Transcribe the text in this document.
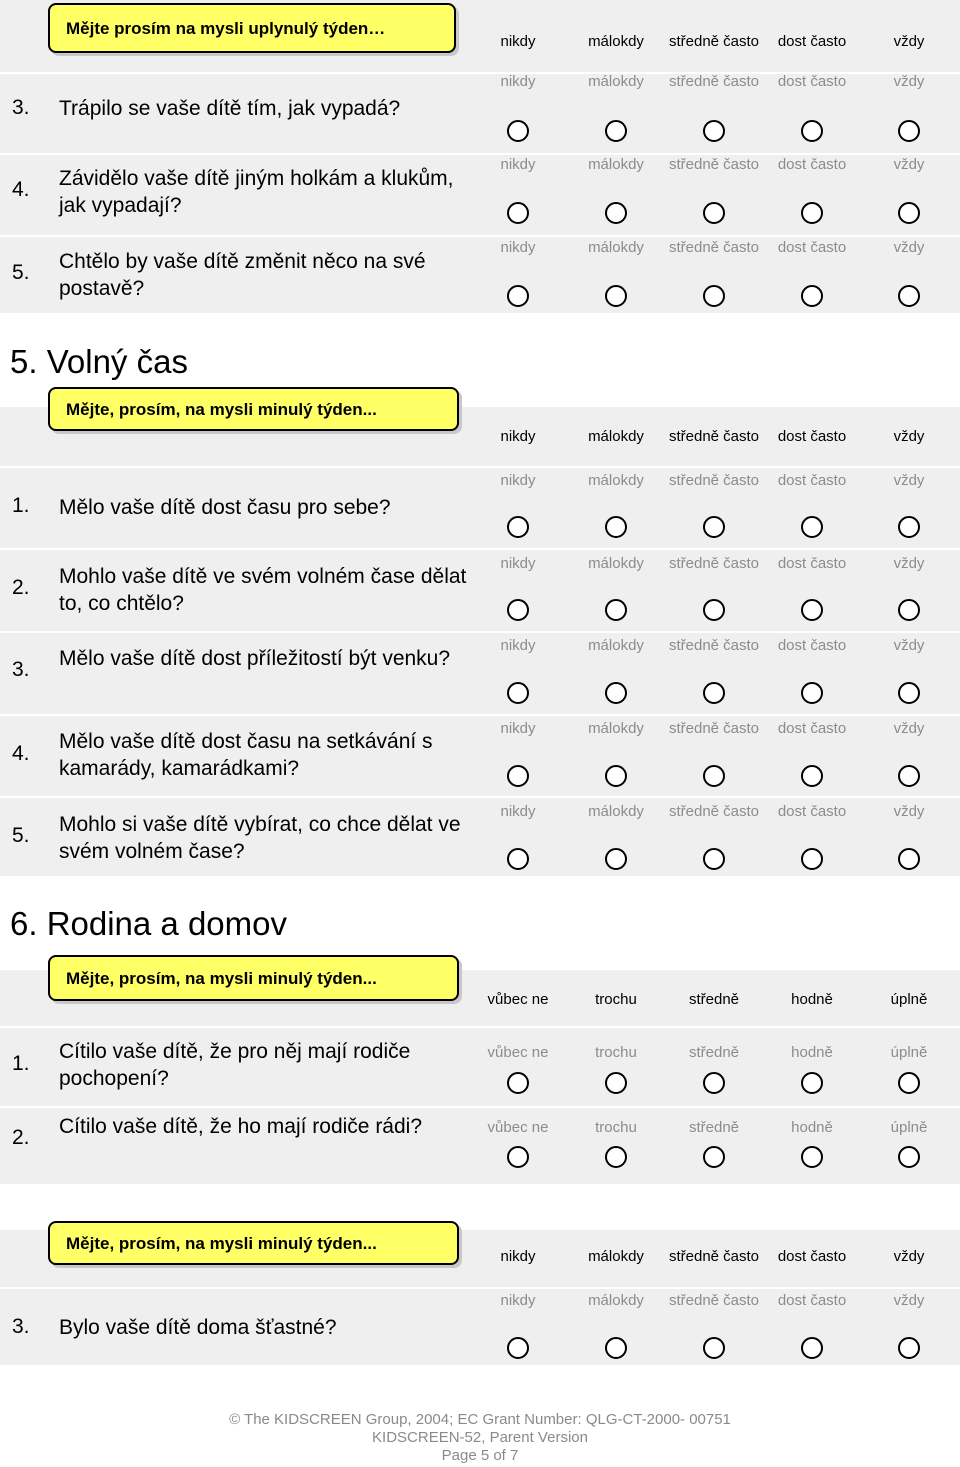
Mějte prosím na mysli uplynulý týden…
nikdy	málokdy	středně často	dost často	vždy
3. Trápilo se vaše dítě tím, jak vypadá?
nikdy	málokdy	středně často	dost často	vždy
4. Závidělo vaše dítě jiným holkám a klukům, jak vypadají?
nikdy	málokdy	středně často	dost často	vždy
5. Chtělo by vaše dítě změnit něco na své postavě?
nikdy	málokdy	středně často	dost často	vždy
5. Volný čas
Mějte, prosím, na mysli minulý týden...
nikdy	málokdy	středně často	dost často	vždy
1. Mělo vaše dítě dost času pro sebe?
nikdy	málokdy	středně často	dost často	vždy
2. Mohlo vaše dítě ve svém volném čase dělat to, co chtělo?
nikdy	málokdy	středně často	dost často	vždy
3. Mělo vaše dítě dost příležitostí být venku?
nikdy	málokdy	středně často	dost často	vždy
4.
Mělo vaše dítě dost času na setkávání s kamarády, kamarádkami?
nikdy	málokdy	středně často	dost často	vždy
5. Mohlo si vaše dítě vybírat, co chce dělat ve svém volném čase?
nikdy	málokdy	středně často	dost často	vždy
6. Rodina a domov
Mějte, prosím, na mysli minulý týden...
vůbec ne	trochu	středně	hodně	úplně
1.
Cítilo vaše dítě, že pro něj mají rodiče pochopení?
vůbec ne	trochu	středně	hodně	úplně
2. Cítilo vaše dítě, že ho mají rodiče rádi?	vůbec ne	trochu	středně	hodně	úplně
Mějte, prosím, na mysli minulý týden...
nikdy	málokdy	středně často	dost často	vždy
3. Bylo vaše dítě doma šťastné?
nikdy	málokdy	středně často	dost často	vždy
© The KIDSCREEN Group, 2004; EC Grant Number: QLG-CT-2000- 00751
KIDSCREEN-52, Parent Version
Page 5 of 7
